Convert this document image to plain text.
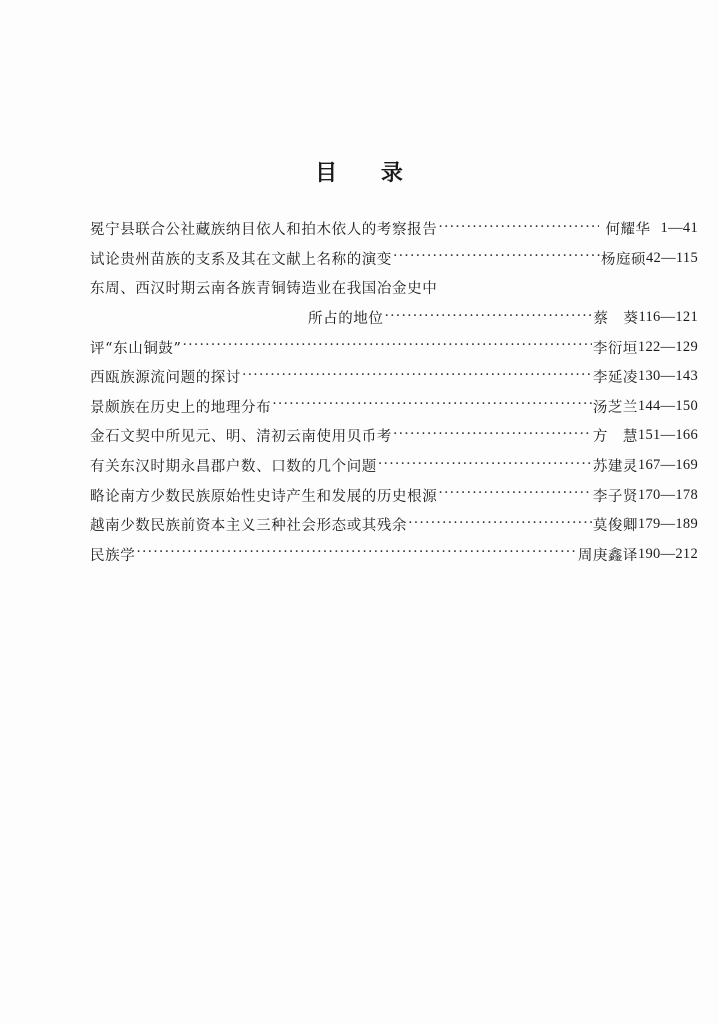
目 录
冕宁县联合公社藏族纳目依人和拍木依人的考察报告 ·····	何耀华 1—41
试论贵州苗族的支系及其在文献上名称的演变 ·····	杨庭硕 42—115
东周、西汉时期云南各族青铜铸造业在我国冶金史中
所占的地位 ·····	蔡　葵 116—121
评“东山铜鼓” ·····	李衍垣 122—129
西瓯族源流问题的探讨 ·····	李延凌 130—143
景颇族在历史上的地理分布 ·····	汤芝兰 144—150
金石文契中所见元、明、清初云南使用贝币考 ·····	方　慧 151—166
有关东汉时期永昌郡户数、口数的几个问题 ·····	苏建灵 167—169
略论南方少数民族原始性史诗产生和发展的历史根源 ·····	李子贤 170—178
越南少数民族前资本主义三种社会形态或其残余 ·····	莫俊卿 179—189
民族学 ·····	周庚鑫译 190—212
